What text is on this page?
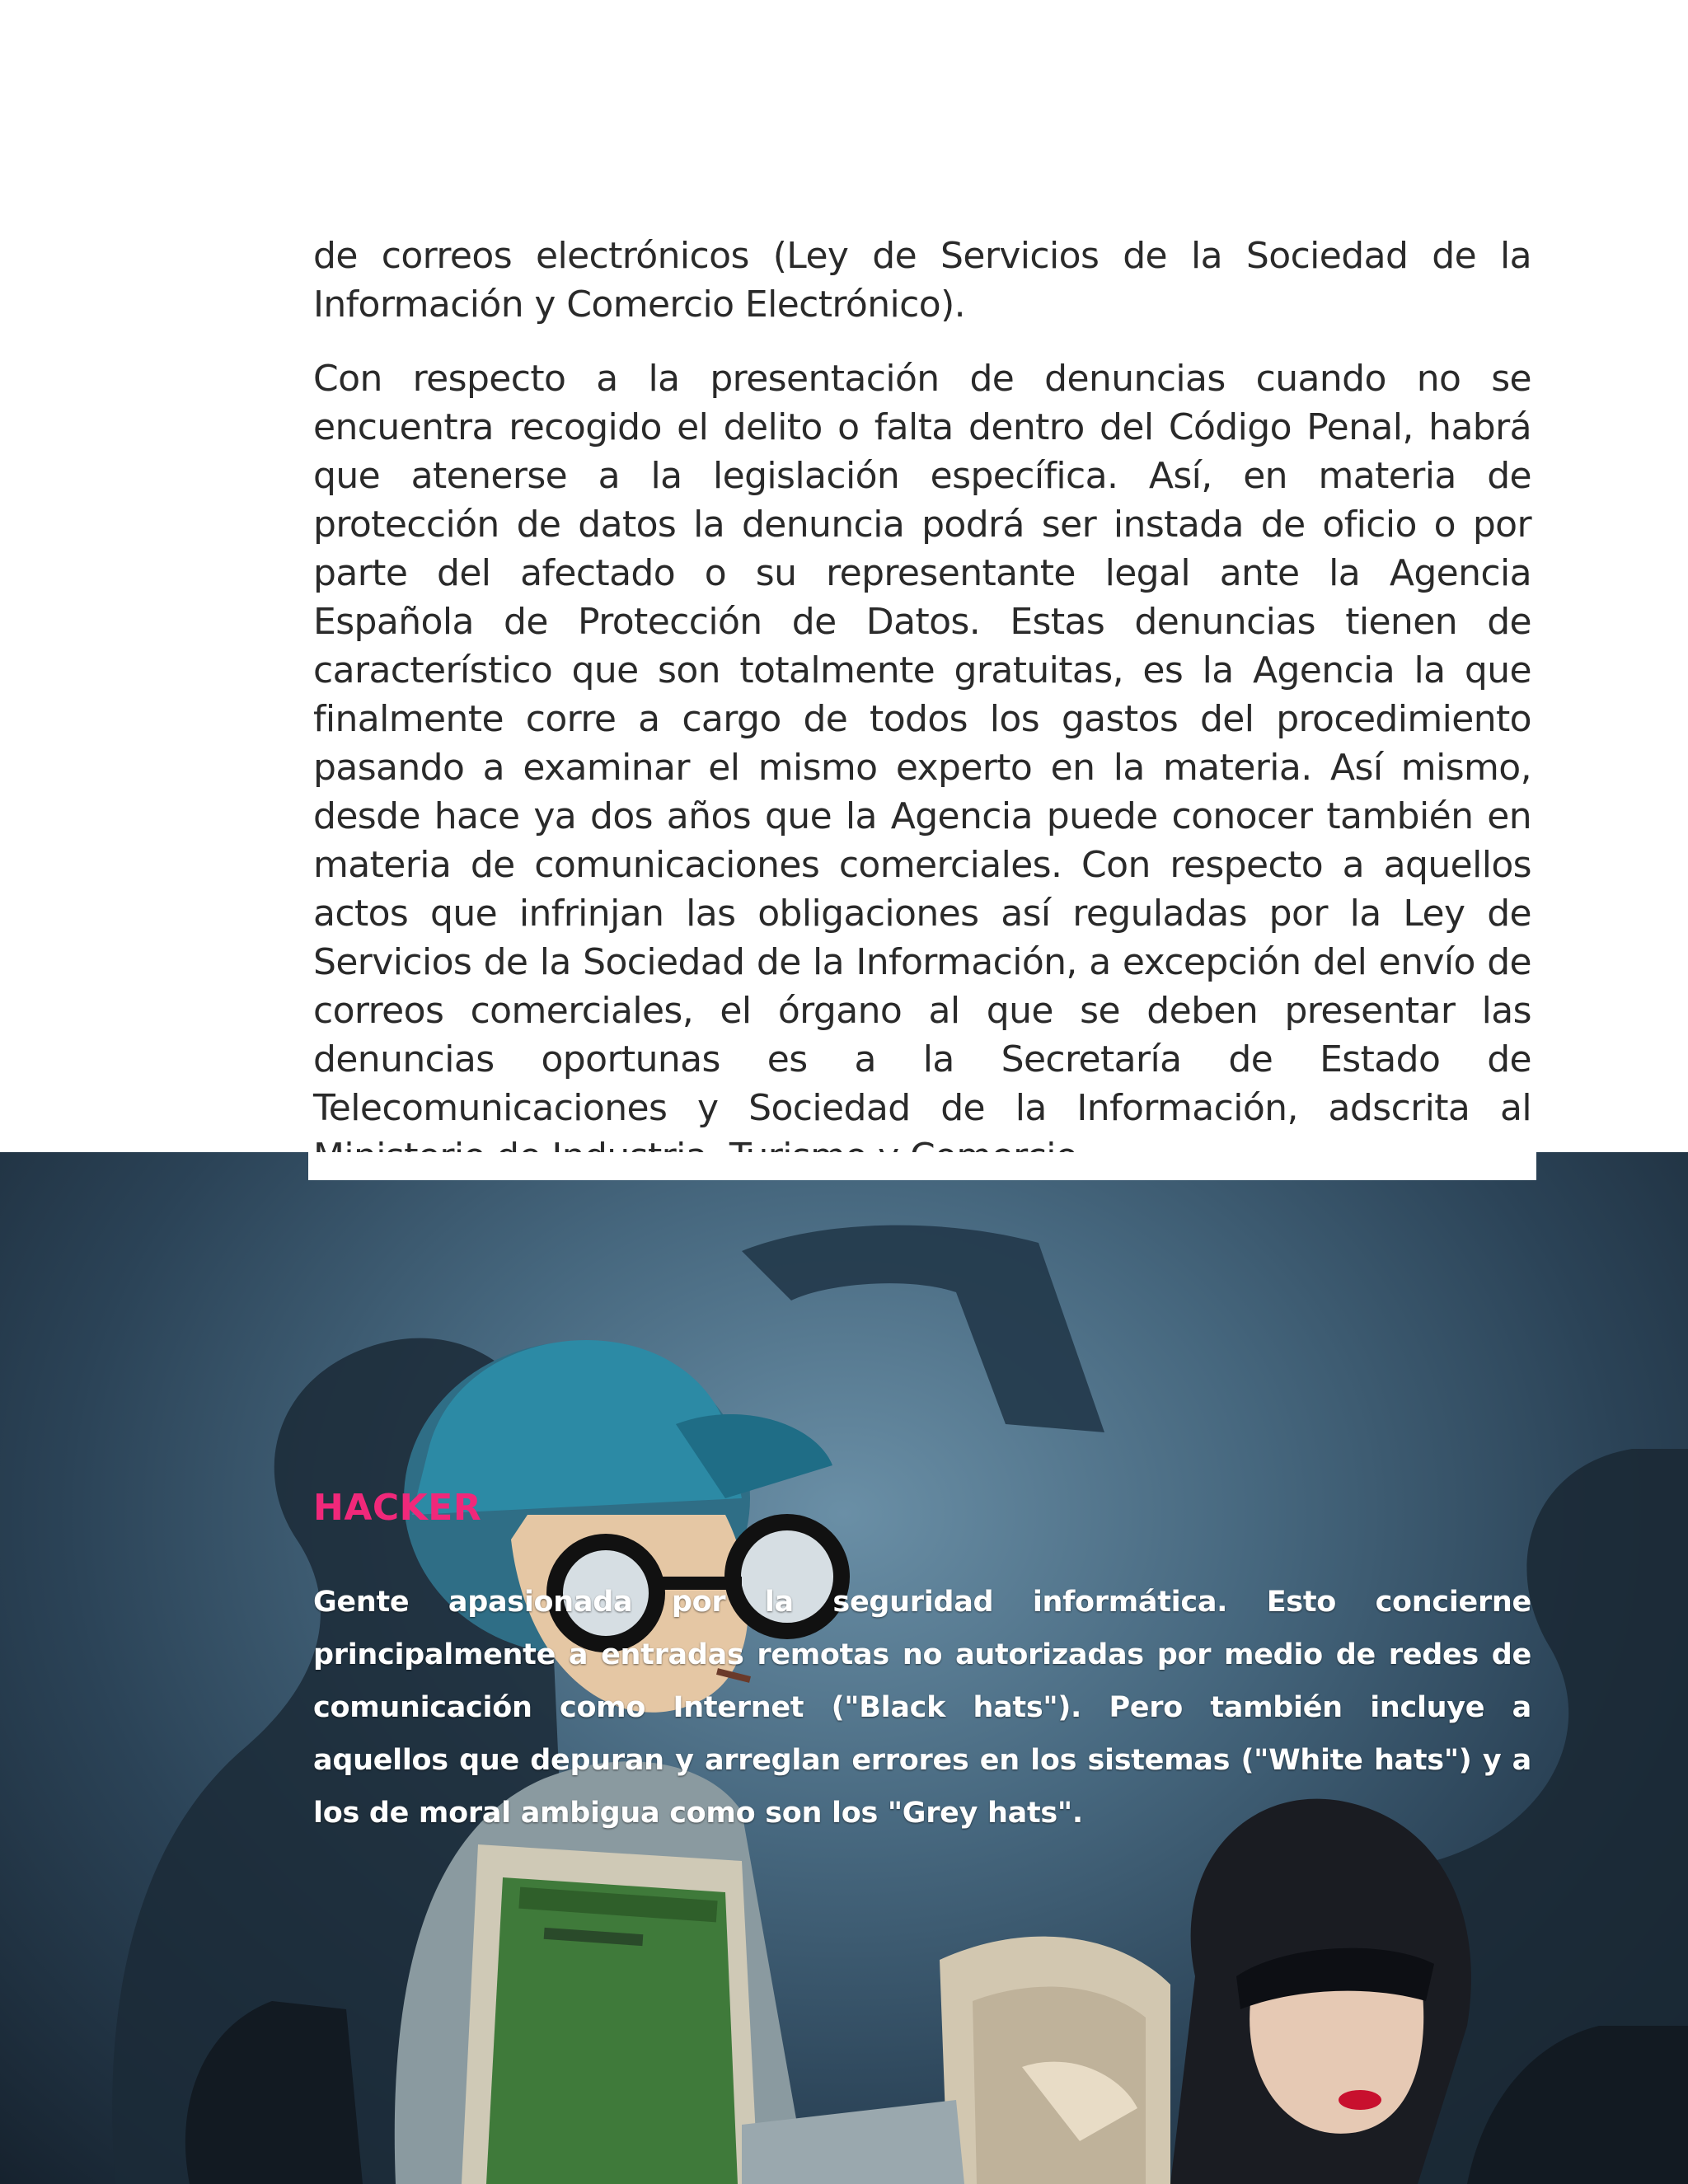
de correos electrónicos (Ley de Servicios de la Sociedad de la Información y Comercio Electrónico).

Con respecto a la presentación de denuncias cuando no se encuentra recogido el delito o falta dentro del Código Penal, habrá que atenerse a la legislación específica. Así, en materia de protección de datos la denuncia podrá ser instada de oficio o por parte del afectado o su representante legal ante la Agencia Española de Protección de Datos. Estas denuncias tienen de característico que son totalmente gratuitas, es la Agencia la que finalmente corre a cargo de todos los gastos del procedimiento pasando a examinar el mismo experto en la materia. Así mismo, desde hace ya dos años que la Agencia puede conocer también en materia de comunicaciones comerciales. Con respecto a aquellos actos que infrinjan las obligaciones así reguladas por la Ley de Servicios de la Sociedad de la Información, a excepción del envío de correos comerciales, el órgano al que se deben presentar las denuncias oportunas es a la Secretaría de Estado de Telecomunicaciones y Sociedad de la Información, adscrita al

HACKER

Gente apasionada por la seguridad informática. Esto concierne principalmente a entradas remotas no autorizadas por medio de redes de comunicación como Internet ("Black hats"). Pero también incluye a aquellos que depuran y arreglan errores en los sistemas ("White hats") y a los de moral ambigua como son los "Grey hats".
